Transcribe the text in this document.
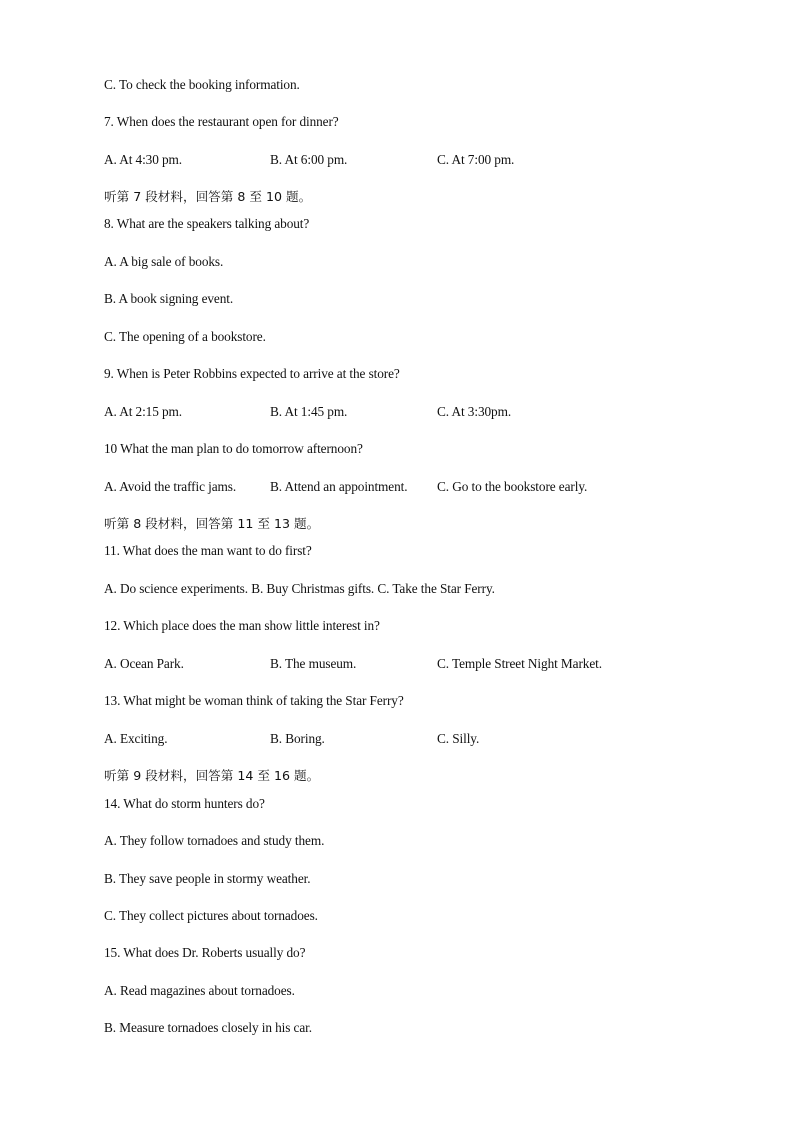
C. To check the booking information.
7. When does the restaurant open for dinner?
A. At 4:30 pm.	B. At 6:00 pm.	C. At 7:00 pm.
听第 7 段材料，回答第 8 至 10 题。
8. What are the speakers talking about?
A. A big sale of books.
B. A book signing event.
C. The opening of a bookstore.
9. When is Peter Robbins expected to arrive at the store?
A. At 2:15 pm.	B. At 1:45 pm.	C. At 3:30pm.
10 What the man plan to do tomorrow afternoon?
A. Avoid the traffic jams.	B. Attend an appointment. C. Go to the bookstore early.
听第 8 段材料，回答第 11 至 13 题。
11. What does the man want to do first?
A. Do science experiments. B. Buy Christmas gifts. C. Take the Star Ferry.
12. Which place does the man show little interest in?
A. Ocean Park.	B. The museum.	C. Temple Street Night Market.
13. What might be woman think of taking the Star Ferry?
A. Exciting.	B. Boring.	C. Silly.
听第 9 段材料，回答第 14 至 16 题。
14. What do storm hunters do?
A. They follow tornadoes and study them.
B. They save people in stormy weather.
C. They collect pictures about tornadoes.
15. What does Dr. Roberts usually do?
A. Read magazines about tornadoes.
B. Measure tornadoes closely in his car.
